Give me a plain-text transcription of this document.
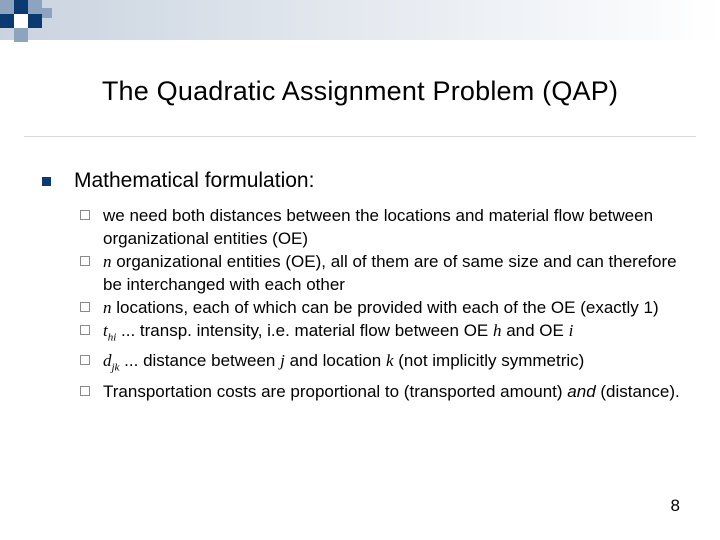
The Quadratic Assignment Problem (QAP)
Mathematical formulation:
we need both distances between the locations and material flow between organizational entities (OE)
n organizational entities (OE), all of them are of same size and can therefore be interchanged with each other
n locations, each of which can be provided with each of the OE (exactly 1)
$t_{hi}$ ... transp. intensity, i.e. material flow between OE h and OE i
$d_{jk}$ ... distance between j and location k (not implicitly symmetric)
Transportation costs are proportional to (transported amount) and (distance).
8
